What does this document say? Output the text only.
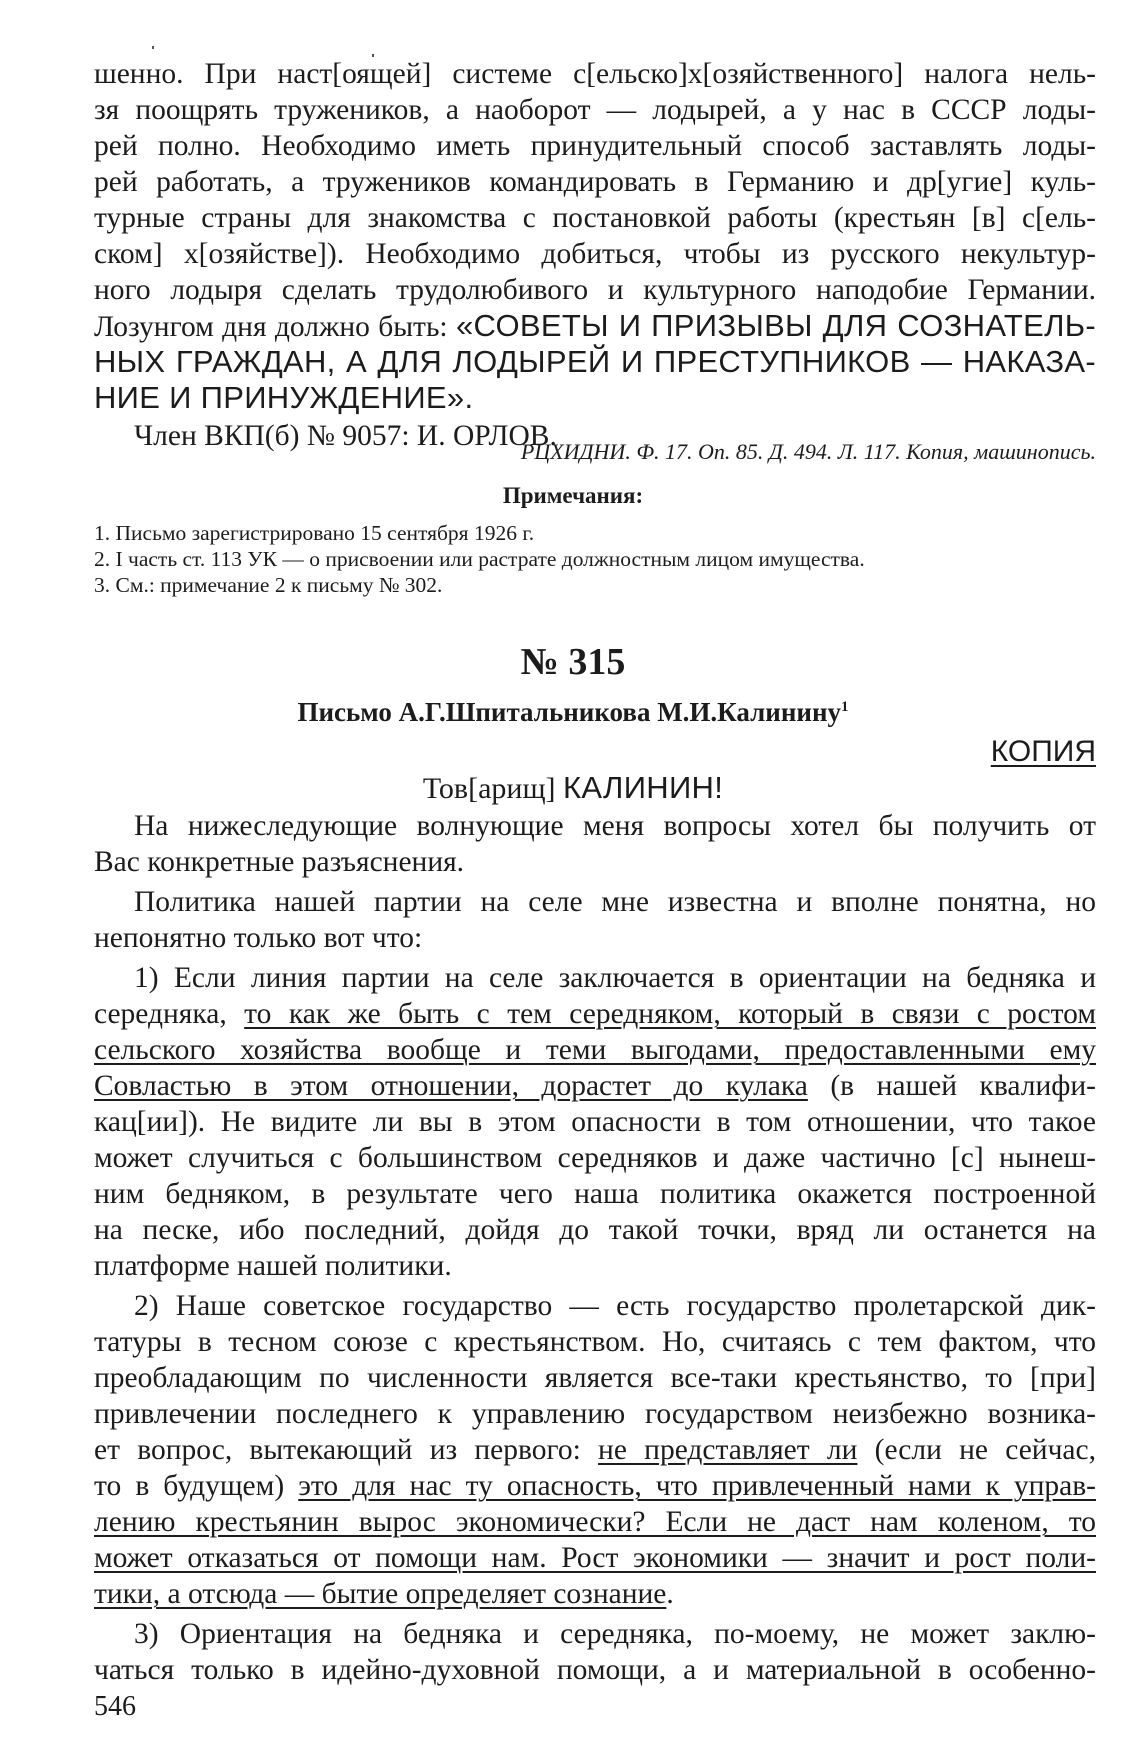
шенно. При наст[оящей] системе с[ельско]х[озяйственного] налога нель-
зя поощрять тружеников, а наоборот — лодырей, а у нас в СССР лоды-
рей полно. Необходимо иметь принудительный способ заставлять лоды-
рей работать, а тружеников командировать в Германию и др[угие] куль-
турные страны для знакомства с постановкой работы (крестьян [в] с[ель-
ском] х[озяйстве]). Необходимо добиться, чтобы из русского некультур-
ного лодыря сделать трудолюбивого и культурного наподобие Германии.
Лозунгом дня должно быть: «СОВЕТЫ И ПРИЗЫВЫ ДЛЯ СОЗНАТЕЛЬ-
НЫХ ГРАЖДАН, А ДЛЯ ЛОДЫРЕЙ И ПРЕСТУПНИКОВ — НАКАЗА-
НИЕ И ПРИНУЖДЕНИЕ».
Член ВКП(б) № 9057: И. ОРЛОВ.
РЦХИДНИ. Ф. 17. Оп. 85. Д. 494. Л. 117. Копия, машинопись.
Примечания:
1. Письмо зарегистрировано 15 сентября 1926 г.
2. I часть ст. 113 УК — о присвоении или растрате должностным лицом имущества.
3. См.: примечание 2 к письму № 302.
№ 315
Письмо А.Г.Шпитальникова М.И.Калинину$^1$
КОПИЯ
Тов[арищ] КАЛИНИН!
На нижеследующие волнующие меня вопросы хотел бы получить от
Вас конкретные разъяснения.
Политика нашей партии на селе мне известна и вполне понятна, но
непонятно только вот что:
1) Если линия партии на селе заключается в ориентации на бедняка и
середняка, то как же быть с тем середняком, который в связи с ростом
сельского хозяйства вообще и теми выгодами, предоставленными ему
Совластью в этом отношении, дорастет до кулака (в нашей квалифи-
кац[ии]). Не видите ли вы в этом опасности в том отношении, что такое
может случиться с большинством середняков и даже частично [с] нынеш-
ним бедняком, в результате чего наша политика окажется построенной
на песке, ибо последний, дойдя до такой точки, вряд ли останется на
платформе нашей политики.
2) Наше советское государство — есть государство пролетарской дик-
татуры в тесном союзе с крестьянством. Но, считаясь с тем фактом, что
преобладающим по численности является все-таки крестьянство, то [при]
привлечении последнего к управлению государством неизбежно возника-
ет вопрос, вытекающий из первого: не представляет ли (если не сейчас,
то в будущем) это для нас ту опасность, что привлеченный нами к управ-
лению крестьянин вырос экономически? Если не даст нам коленом, то
может отказаться от помощи нам. Рост экономики — значит и рост поли-
тики, а отсюда — бытие определяет сознание.
3) Ориентация на бедняка и середняка, по-моему, не может заклю-
чаться только в идейно-духовной помощи, а и материальной в особенно-
546
